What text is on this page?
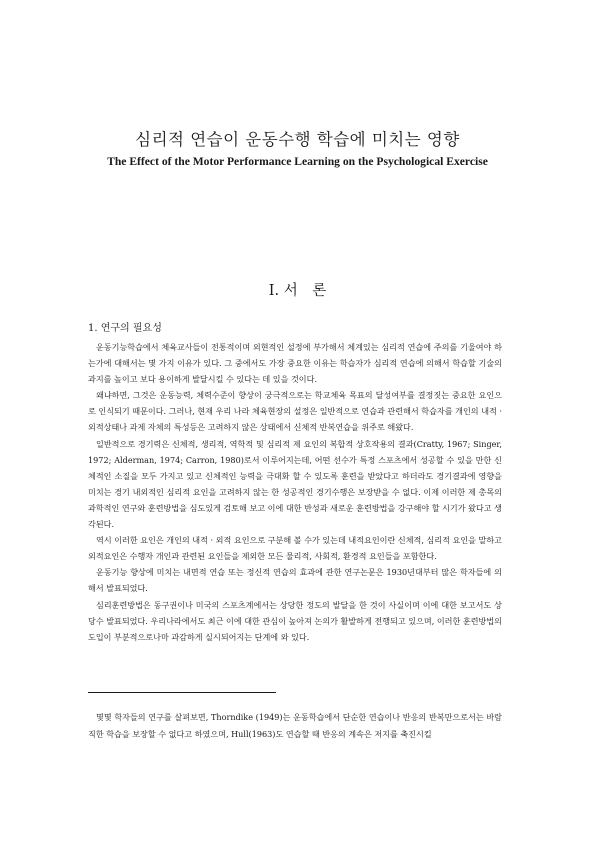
심리적 연습이 운동수행 학습에 미치는 영향
The Effect of the Motor Performance Learning on the Psychological Exercise
Ⅰ. 서　론
1. 연구의 필요성

운동기능학습에서 체육교사들이 전통적이며 외현적인 설정에 부가해서 체계있는 심리적 연습에 주의를 기울여야 하는가에 대해서는 몇 가지 이유가 있다. 그 중에서도 가장 중요한 이유는 학습자가 심리적 연습에 의해서 학습할 기술의 과지를 높이고 보다 용이하게 발달시킬 수 있다는 데 있을 것이다.

왜냐하면, 그것은 운동능력, 체력수준이 향상이 궁극적으로는 학교체육 목표의 달성여부를 결정짓는 중요한 요인으로 인식되기 때문이다. 그러나, 현재 우리 나라 체육현장의 설정은 일반적으로 연습과 관련해서 학습자를 개인의 내적 · 외적상태나 과제 자체의 특성등은 고려하지 않은 상태에서 신체적 반복연습을 위주로 해왔다.

일반적으로 경기력은 신체적, 생리적, 역학적 및 심리적 제 요인의 복합적 상호작용의 결과(Cratty, 1967; Singer, 1972; Alderman, 1974; Carron, 1980)로서 이루어지는데, 어떤 선수가 특정 스포츠에서 성공할 수 있을 만한 신체적인 소질을 모두 가지고 있고 신체적인 능력을 극대화 할 수 있도록 훈련을 받았다고 하더라도 경기결과에 영향을 미치는 경기 내외적인 심리적 요인을 고려하지 않는 한 성공적인 경기수행은 보장받을 수 없다. 이제 이러한 제 총목의 과학적인 연구와 훈련방법을 심도있게 검토해 보고 이에 대한 반성과 새로운 훈련방법을 강구해야 할 시기가 왔다고 생각된다.

역시 이러한 요인은 개인의 내적 · 외적 요인으로 구분해 볼 수가 있는데 내적요인이란 신체적, 심리적 요인을 말하고 외적요인은 수행자 개인과 관련된 요인들을 제외한 모든 물리적, 사회적, 환경적 요인들을 포함한다.

운동기능 향상에 미치는 내면적 연습 또는 정신적 연습의 효과에 관한 연구논문은 1930년대부터 많은 학자들에 의해서 발표되었다.

심리훈련방법은 동구권이나 미국의 스포츠계에서는 상당한 정도의 발달을 한 것이 사실이며 이에 대한 보고서도 상당수 발표되었다. 우리나라에서도 최근 이에 대한 관심이 높아져 논의가 활발하게 전행되고 있으며, 이러한 훈련방법의 도입이 부분적으로나마 과감하게 실시되어지는 단계에 와 있다.

몇몇 학자들의 연구를 살펴보면, Thorndike (1949)는 운동학습에서 단순한 연습이나 반응의 반복만으로서는 바람직한 학습을 보장할 수 없다고 하였으며, Hull(1963)도 연습할 때 반응의 계속은 저지를 축진시킬
